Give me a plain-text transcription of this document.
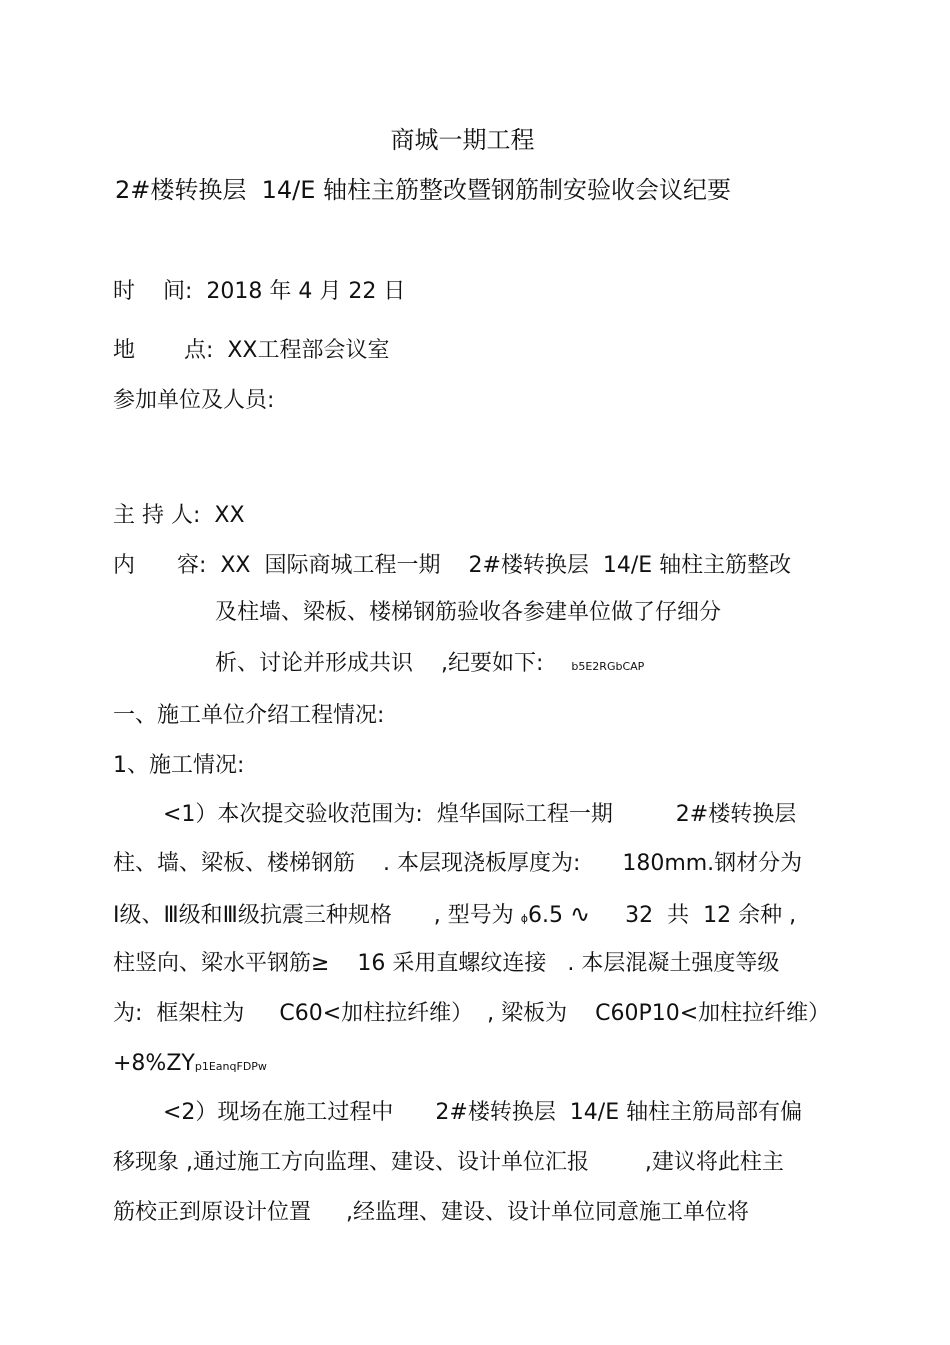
商城一期工程
2#楼转换层  14/E 轴柱主筋整改暨钢筋制安验收会议纪要
时    间:  2018 年 4 月 22 日
地       点:  XX工程部会议室
参加单位及人员:
主 持 人:  XX
内      容:  XX  国际商城工程一期    2#楼转换层  14/E 轴柱主筋整改
及柱墙、梁板、楼梯钢筋验收各参建单位做了仔细分
析、讨论并形成共识    ,纪要如下:	b5E2RGbCAP
一、施工单位介绍工程情况:
1、施工情况:
<1）本次提交验收范围为:  煌华国际工程一期         2#楼转换层
柱、墙、梁板、楼梯钢筋    . 本层现浇板厚度为:      180mm.钢材分为
Ⅰ级、Ⅲ级和Ⅲ级抗震三种规格      , 型号为 ɸ6.5 ∿     32  共  12 余种 ,
柱竖向、梁水平钢筋≥    16 采用直螺纹连接   . 本层混凝土强度等级
为:  框架柱为     C60<加柱拉纤维）  , 梁板为    C60P10<加柱拉纤维）
+8%ZYp1EanqFDPw
<2）现场在施工过程中      2#楼转换层  14/E 轴柱主筋局部有偏
移现象 ,通过施工方向监理、建设、设计单位汇报        ,建议将此柱主
筋校正到原设计位置     ,经监理、建设、设计单位同意施工单位将
